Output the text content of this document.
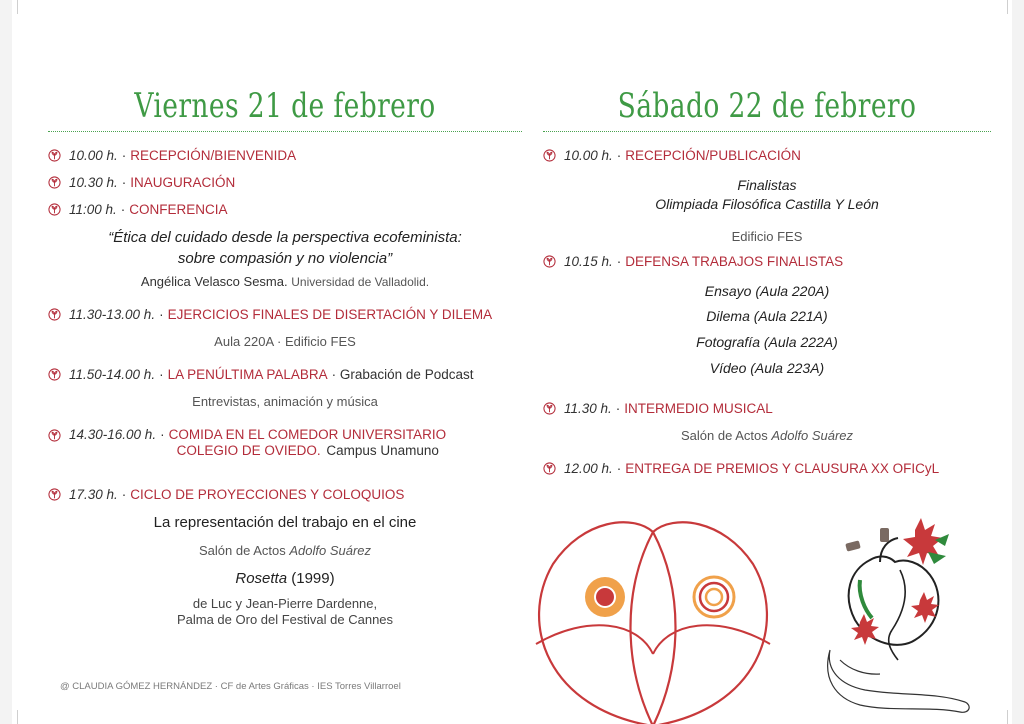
Viernes 21 de febrero
10.00 h. · RECEPCIÓN/BIENVENIDA
10.30 h. · INAUGURACIÓN
11:00 h. · CONFERENCIA
“Ética del cuidado desde la perspectiva ecofeminista:
sobre compasión y no violencia”
Angélica Velasco Sesma. Universidad de Valladolid.
11.30-13.00 h. · EJERCICIOS FINALES DE DISERTACIÓN Y DILEMA
Aula 220A · Edificio FES
11.50-14.00 h. · LA PENÚLTIMA PALABRA · Grabación de Podcast
Entrevistas, animación y música
14.30-16.00 h. · COMIDA EN EL COMEDOR UNIVERSITARIO
COLEGIO DE OVIEDO. Campus Unamuno
17.30 h. · CICLO DE PROYECCIONES Y COLOQUIOS
La representación del trabajo en el cine
Salón de Actos Adolfo Suárez
Rosetta (1999)
de Luc y Jean-Pierre Dardenne,
Palma de Oro del Festival de Cannes
Sábado 22 de febrero
10.00 h. · RECEPCIÓN/PUBLICACIÓN
Finalistas
Olimpiada Filosófica Castilla Y León
Edificio FES
10.15 h. · DEFENSA TRABAJOS FINALISTAS
Ensayo (Aula 220A)
Dilema (Aula 221A)
Fotografía (Aula 222A)
Vídeo (Aula 223A)
11.30 h. · INTERMEDIO MUSICAL
Salón de Actos Adolfo Suárez
12.00 h. · ENTREGA DE PREMIOS Y CLAUSURA XX OFICyL
@ CLAUDIA GÓMEZ HERNÁNDEZ · CF de Artes Gráficas · IES Torres Villarroel
